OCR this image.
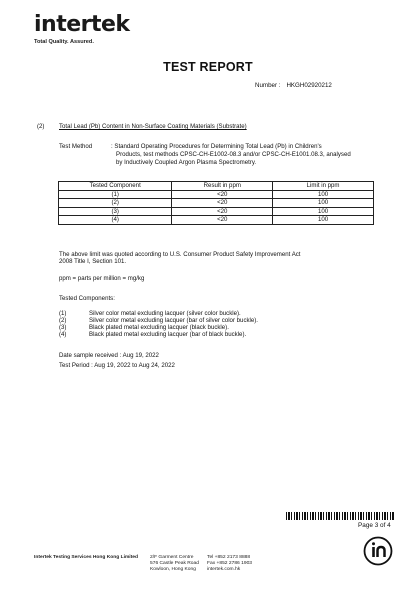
intertek
Total Quality. Assured.
TEST REPORT
Number : HKGH02920212
(2) Total Lead (Pb) Content in Non-Surface Coating Materials (Substrate)
Test Method	: Standard Operating Procedures for Determining Total Lead (Pb) in Children's
Products, test methods CPSC-CH-E1002-08.3 and/or CPSC-CH-E1001.08.3, analysed
by Inductively Coupled Argon Plasma Spectrometry.
Tested Component	Result in ppm	Limit in ppm
(1)	<20	100
(2)	<20	100
(3)	<20	100
(4)	<20	100
The above limit was quoted according to U.S. Consumer Product Safety Improvement Act
2008 Title I, Section 101.
ppm = parts per million = mg/kg
Tested Components:
(1)	Silver color metal excluding lacquer (silver color buckle).
(2)	Silver color metal excluding lacquer (bar of silver color buckle).
(3)	Black plated metal excluding lacquer (black buckle).
(4)	Black plated metal excluding lacquer (bar of black buckle).
Date sample received : Aug 19, 2022
Test Period : Aug 19, 2022 to Aug 24, 2022
Page 3 of 4
Intertek Testing Services Hong Kong Limited 2/F Garment Centre
576 Castle Peak Road
Kowloon, Hong Kong
Tel +852 2173 8888
Fax +852 2786 1903
intertek.com.hk
